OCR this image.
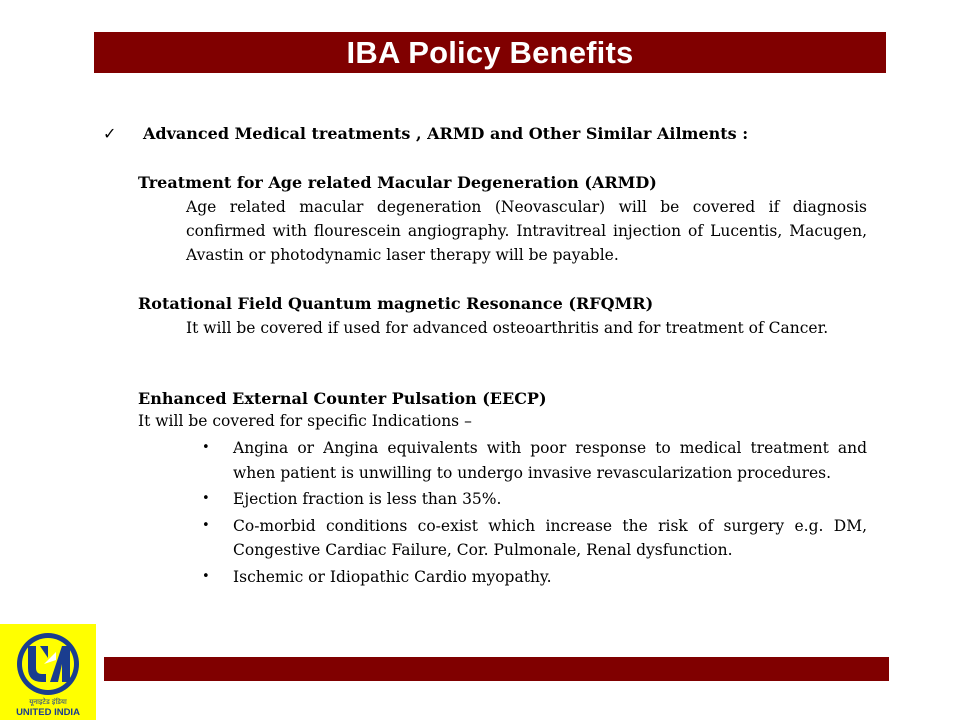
IBA Policy Benefits
✓ Advanced Medical treatments , ARMD and Other Similar Ailments :
Treatment for Age related Macular Degeneration (ARMD)
Age related macular degeneration (Neovascular) will be covered if diagnosis confirmed with flourescein angiography. Intravitreal injection of Lucentis, Macugen, Avastin or photodynamic laser therapy will be payable.
Rotational Field Quantum magnetic Resonance (RFQMR)
It will be covered if used for advanced osteoarthritis and for treatment of Cancer.
Enhanced External Counter Pulsation (EECP)
It will be covered for specific Indications –
• Angina or Angina equivalents with poor response to medical treatment and when patient is unwilling to undergo invasive revascularization procedures.
• Ejection fraction is less than 35%.
• Co-morbid conditions co-exist which increase the risk of surgery e.g. DM, Congestive Cardiac Failure, Cor. Pulmonale, Renal dysfunction.
• Ischemic or Idiopathic Cardio myopathy.
यूनाइटेड इंडिया
UNITED INDIA
